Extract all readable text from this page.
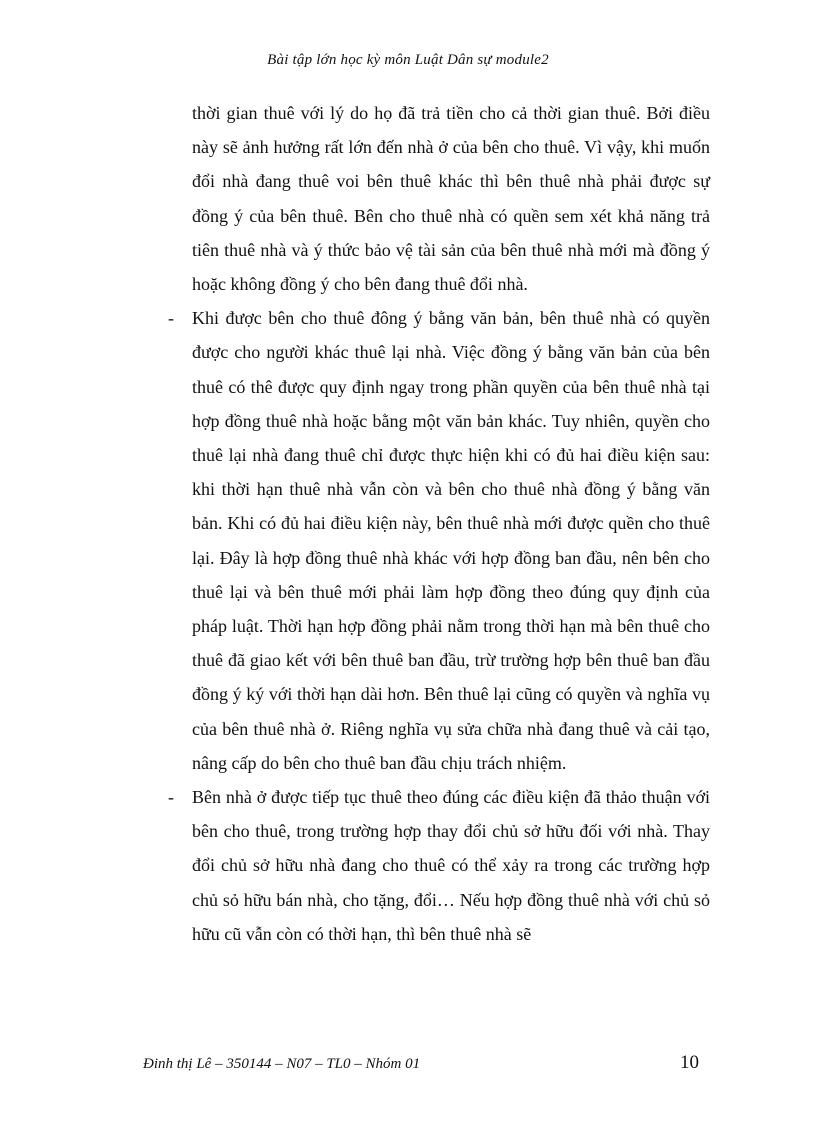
Bài tập lớn học kỳ môn Luật Dân sự module2

thời gian thuê với lý do họ đã trả tiền cho cả thời gian thuê. Bởi điều này sẽ ảnh hưởng rất lớn đến nhà ở của bên cho thuê. Vì vậy, khi muốn đổi nhà đang thuê voi bên thuê khác thì bên thuê nhà phải được sự đồng ý của bên thuê. Bên cho thuê nhà có quền sem xét khả năng trả tiên thuê nhà và ý thức bảo vệ tài sản của bên thuê nhà mới mà đồng ý hoặc không đồng ý cho bên đang thuê đổi nhà.

-	Khi được bên cho thuê đông ý bằng văn bản, bên thuê nhà có quyền được cho người khác thuê lại nhà. Việc đồng ý bằng văn bản của bên thuê có thê được quy định ngay trong phần quyền của bên thuê nhà tại hợp đồng thuê nhà hoặc bằng một văn bản khác. Tuy nhiên, quyền cho thuê lại nhà đang thuê chỉ được thực hiện khi có đủ hai điều kiện sau: khi thời hạn thuê nhà vẫn còn và bên cho thuê nhà đồng ý bằng văn bản. Khi có đủ hai điều kiện này, bên thuê nhà mới được quền cho thuê lại. Đây là hợp đồng thuê nhà khác với hợp đồng ban đầu, nên bên cho thuê lại và bên thuê mới phải làm hợp đồng theo đúng quy định của pháp luật. Thời hạn hợp đồng phải nằm trong thời hạn mà bên thuê cho thuê đã giao kết với bên thuê ban đầu, trừ trường hợp bên thuê ban đầu đồng ý ký với thời hạn dài hơn. Bên thuê lại cũng có quyền và nghĩa vụ của bên thuê nhà ở. Riêng nghĩa vụ sửa chữa nhà đang thuê và cải tạo, nâng cấp do bên cho thuê ban đầu chịu trách nhiệm.

-	Bên nhà ở được tiếp tục thuê theo đúng các điều kiện đã thảo thuận với bên cho thuê, trong trường hợp thay đổi chủ sở hữu đối với nhà. Thay đổi chủ sở hữu nhà đang cho thuê có thể xảy ra trong các trường hợp chủ sỏ hữu bán nhà, cho tặng, đổi… Nếu hợp đồng thuê nhà với chủ sỏ hữu cũ vẫn còn có thời hạn, thì bên thuê nhà sẽ

Đinh thị Lê – 350144 – N07 – TL0 – Nhóm 01	10
